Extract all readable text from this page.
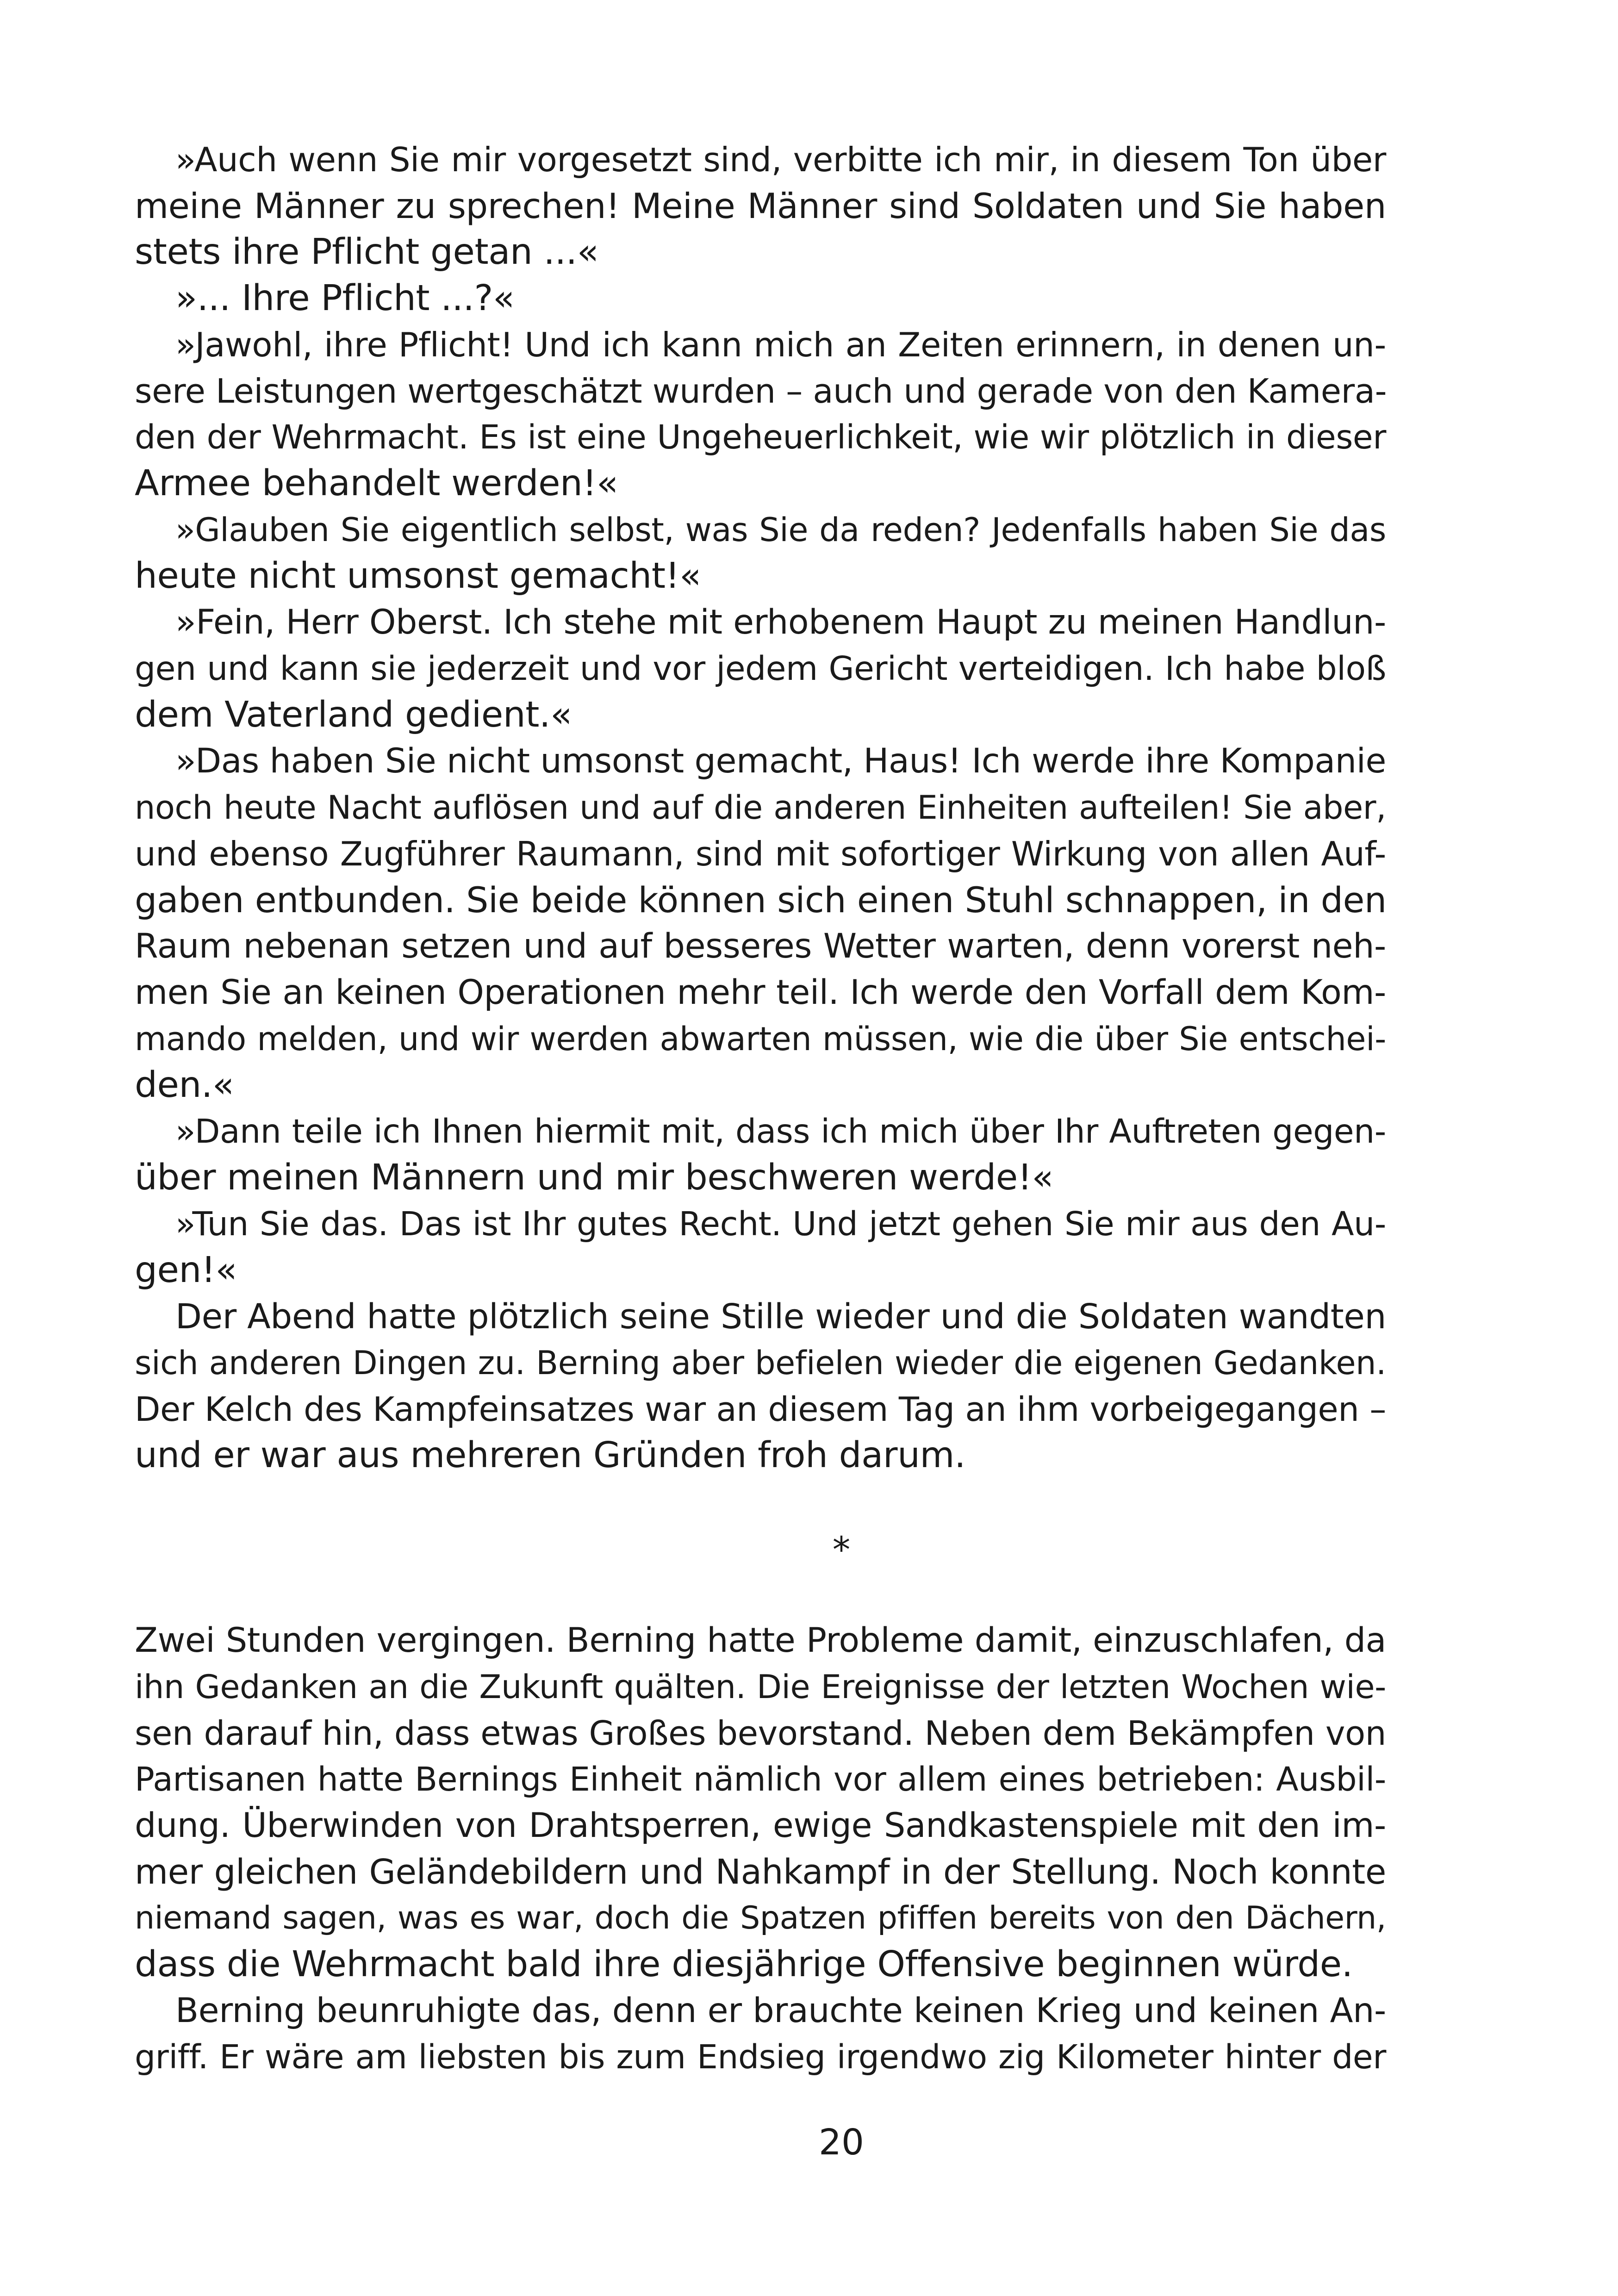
»Auch wenn Sie mir vorgesetzt sind, verbitte ich mir, in diesem Ton über
meine Männer zu sprechen! Meine Männer sind Soldaten und Sie haben
stets ihre Pflicht getan ...«
»... Ihre Pflicht ...?«
»Jawohl, ihre Pflicht! Und ich kann mich an Zeiten erinnern, in denen un-
sere Leistungen wertgeschätzt wurden – auch und gerade von den Kamera-
den der Wehrmacht. Es ist eine Ungeheuerlichkeit, wie wir plötzlich in dieser
Armee behandelt werden!«
»Glauben Sie eigentlich selbst, was Sie da reden? Jedenfalls haben Sie das
heute nicht umsonst gemacht!«
»Fein, Herr Oberst. Ich stehe mit erhobenem Haupt zu meinen Handlun-
gen und kann sie jederzeit und vor jedem Gericht verteidigen. Ich habe bloß
dem Vaterland gedient.«
»Das haben Sie nicht umsonst gemacht, Haus! Ich werde ihre Kompanie
noch heute Nacht auflösen und auf die anderen Einheiten aufteilen! Sie aber,
und ebenso Zugführer Raumann, sind mit sofortiger Wirkung von allen Auf-
gaben entbunden. Sie beide können sich einen Stuhl schnappen, in den
Raum nebenan setzen und auf besseres Wetter warten, denn vorerst neh-
men Sie an keinen Operationen mehr teil. Ich werde den Vorfall dem Kom-
mando melden, und wir werden abwarten müssen, wie die über Sie entschei-
den.«
»Dann teile ich Ihnen hiermit mit, dass ich mich über Ihr Auftreten gegen-
über meinen Männern und mir beschweren werde!«
»Tun Sie das. Das ist Ihr gutes Recht. Und jetzt gehen Sie mir aus den Au-
gen!«
Der Abend hatte plötzlich seine Stille wieder und die Soldaten wandten
sich anderen Dingen zu. Berning aber befielen wieder die eigenen Gedanken.
Der Kelch des Kampfeinsatzes war an diesem Tag an ihm vorbeigegangen –
und er war aus mehreren Gründen froh darum.
*
Zwei Stunden vergingen. Berning hatte Probleme damit, einzuschlafen, da
ihn Gedanken an die Zukunft quälten. Die Ereignisse der letzten Wochen wie-
sen darauf hin, dass etwas Großes bevorstand. Neben dem Bekämpfen von
Partisanen hatte Bernings Einheit nämlich vor allem eines betrieben: Ausbil-
dung. Überwinden von Drahtsperren, ewige Sandkastenspiele mit den im-
mer gleichen Geländebildern und Nahkampf in der Stellung. Noch konnte
niemand sagen, was es war, doch die Spatzen pfiffen bereits von den Dächern,
dass die Wehrmacht bald ihre diesjährige Offensive beginnen würde.
Berning beunruhigte das, denn er brauchte keinen Krieg und keinen An-
griff. Er wäre am liebsten bis zum Endsieg irgendwo zig Kilometer hinter der
20
